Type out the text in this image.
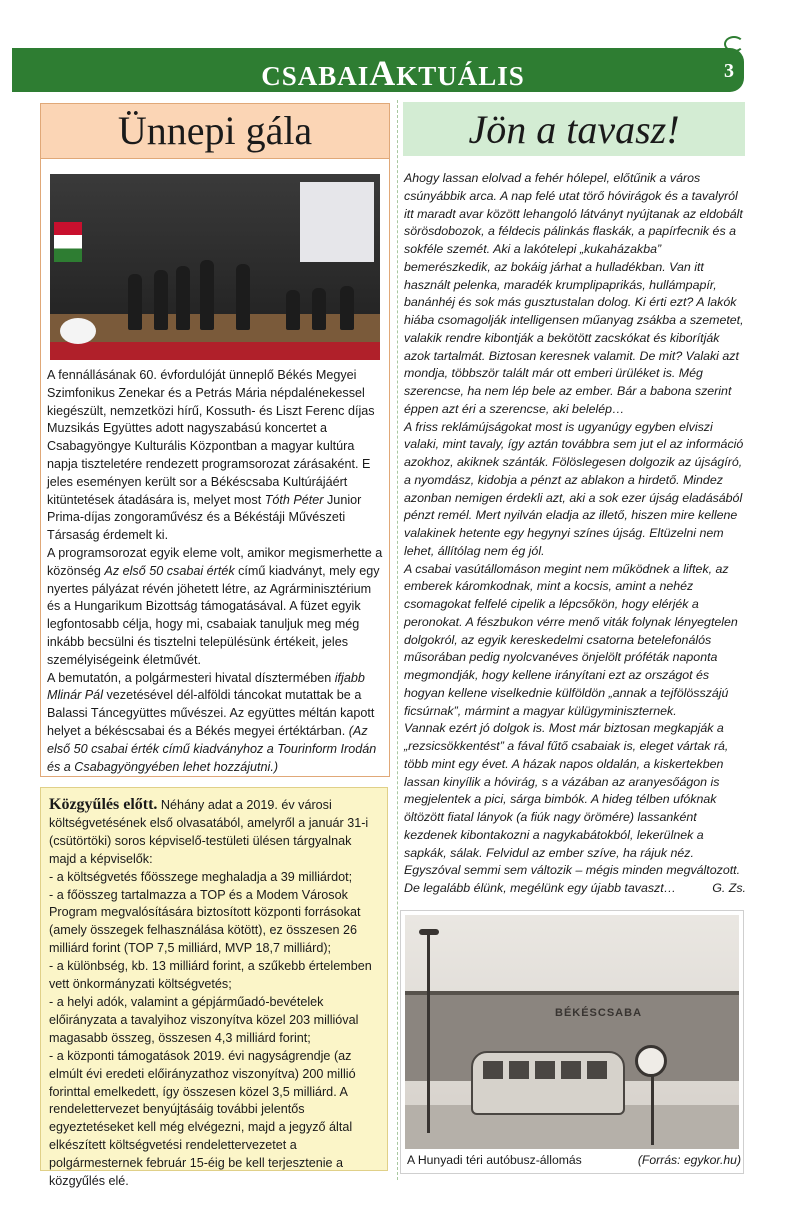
CSABAIAKTUÁLIS	3
Ünnepi gála

A fennállásának 60. évfordulóját ünneplő Békés Megyei Szimfonikus Zenekar és a Petrás Mária népdalénekessel kiegészült, nemzetközi hírű, Kossuth- és Liszt Ferenc díjas Muzsikás Együttes adott nagyszabású koncertet a Csabagyöngye Kulturális Központban a magyar kultúra napja tiszteletére rendezett programsorozat zárásaként. E jeles eseményen került sor a Békéscsaba Kultúrájáért kitüntetések átadására is, melyet most Tóth Péter Junior Prima-díjas zongoraművész és a Békéstáji Művészeti Társaság érdemelt ki.

A programsorozat egyik eleme volt, amikor megismerhette a közönség Az első 50 csabai érték című kiadványt, mely egy nyertes pályázat révén jöhetett létre, az Agrárminisztérium és a Hungarikum Bizottság támogatásával. A füzet egyik legfontosabb célja, hogy mi, csabaiak tanuljuk meg még inkább becsülni és tisztelni településünk értékeit, jeles személyiségeink életművét.

A bemutatón, a polgármesteri hivatal dísztermében ifjabb Mlinár Pál vezetésével dél-alföldi táncokat mutattak be a Balassi Táncegyüttes művészei. Az együttes méltán kapott helyet a békéscsabai és a Békés megyei értéktárban. (Az első 50 csabai érték című kiadványhoz a Tourinform Irodán és a Csabagyöngyében lehet hozzájutni.)

Közgyűlés előtt. Néhány adat a 2019. év városi költségvetésének első olvasatából, amelyről a január 31-i (csütörtöki) soros képviselő-testületi ülésen tárgyalnak majd a képviselők:

- a költségvetés főösszege meghaladja a 39 milliárdot;

- a főösszeg tartalmazza a TOP és a Modem Városok Program megvalósítására biztosított központi forrásokat (amely összegek felhasználása kötött), ez összesen 26 milliárd forint (TOP 7,5 milliárd, MVP 18,7 milliárd);

- a különbség, kb. 13 milliárd forint, a szűkebb értelemben vett önkormányzati költségvetés;

- a helyi adók, valamint a gépjárműadó-bevételek előirányzata a tavalyihoz viszonyítva közel 203 millióval magasabb összeg, összesen 4,3 milliárd forint;

- a központi támogatások 2019. évi nagyságrendje (az elmúlt évi eredeti előirányzathoz viszonyítva) 200 millió forinttal emelkedett, így összesen közel 3,5 milliárd. A rendelettervezet benyújtásáig további jelentős egyeztetéseket kell még elvégezni, majd a jegyző által elkészített költségvetési rendelettervezetet a polgármesternek február 15-éig be kell terjesztenie a közgyűlés elé.

Jön a tavasz!

Ahogy lassan elolvad a fehér hólepel, előtűnik a város csúnyábbik arca. A nap felé utat törő hóvirágok és a tavalyról itt maradt avar között lehangoló látványt nyújtanak az eldobált sörösdobozok, a féldecis pálinkás flaskák, a papírfecnik és a sokféle szemét. Aki a lakótelepi „kukaházakba” bemerészkedik, az bokáig járhat a hulladékban. Van itt használt pelenka, maradék krumplipaprikás, hullámpapír, banánhéj és sok más gusztustalan dolog. Ki érti ezt? A lakók hiába csomagolják intelligensen műanyag zsákba a szemetet, valakik rendre kibontják a bekötött zacskókat és kiborítják azok tartalmát. Biztosan keresnek valamit. De mit? Valaki azt mondja, többször talált már ott emberi ürüléket is. Még szerencse, ha nem lép bele az ember. Bár a babona szerint éppen azt éri a szerencse, aki belelép…

A friss reklámújságokat most is ugyanúgy egyben elviszi valaki, mint tavaly, így aztán továbbra sem jut el az információ azokhoz, akiknek szánták. Fölöslegesen dolgozik az újságíró, a nyomdász, kidobja a pénzt az ablakon a hirdető. Mindez azonban nemigen érdekli azt, aki a sok ezer újság eladásából pénzt remél. Mert nyilván eladja az illető, hiszen mire kellene valakinek hetente egy hegynyi színes újság. Eltüzelni nem lehet, állítólag nem ég jól.

A csabai vasútállomáson megint nem működnek a liftek, az emberek káromkodnak, mint a kocsis, amint a nehéz csomagokat felfelé cipelik a lépcsőkön, hogy elérjék a peronokat. A fészbukon vérre menő viták folynak lényegtelen dolgokról, az egyik kereskedelmi csatorna betelefonálós műsorában pedig nyolcvanéves önjelölt próféták naponta megmondják, hogy kellene irányítani ezt az országot és hogyan kellene viselkednie külföldön „annak a tejfölösszájú ficsúrnak”, mármint a magyar külügyminiszternek.

Vannak ezért jó dolgok is. Most már biztosan megkapják a „rezsicsökkentést” a fával fűtő csabaiak is, eleget vártak rá, több mint egy évet. A házak napos oldalán, a kiskertekben lassan kinyílik a hóvirág, s a vázában az aranyesőágon is megjelentek a pici, sárga bimbók. A hideg télben ufóknak öltözött fiatal lányok (a fiúk nagy örömére) lassanként kezdenek kibontakozni a nagykabátokból, lekerülnek a sapkák, sálak. Felvidul az ember szíve, ha rájuk néz.

Egyszóval semmi sem változik – mégis minden megváltozott. De legalább élünk, megélünk egy újabb tavaszt…	G. Zs.

BÉKÉSCSABA
A Hunyadi téri autóbusz-állomás	(Forrás: egykor.hu)
